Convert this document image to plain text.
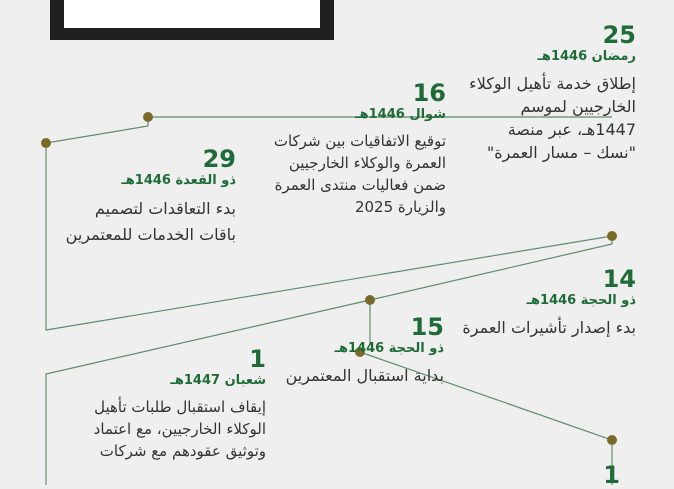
25
رمضان 1446هـ
إطلاق خدمة تأهيل الوكلاء الخارجيين لموسم 1447هـ، عبر منصة "نسك – مسار العمرة"
16
شوال 1446هـ
توقيع الاتفاقيات بين شركات العمرة والوكلاء الخارجيين ضمن فعاليات منتدى العمرة والزيارة 2025
29
ذو القعدة 1446هـ
بدء التعاقدات لتصميم باقات الخدمات للمعتمرين
14
ذو الحجة 1446هـ
بدء إصدار تأشيرات العمرة
15
ذو الحجة 1446هـ
بداية استقبال المعتمرين
1
شعبان 1447هـ
إيقاف استقبال طلبات تأهيل الوكلاء الخارجيين، مع اعتماد وتوثيق عقودهم مع شركات
1
